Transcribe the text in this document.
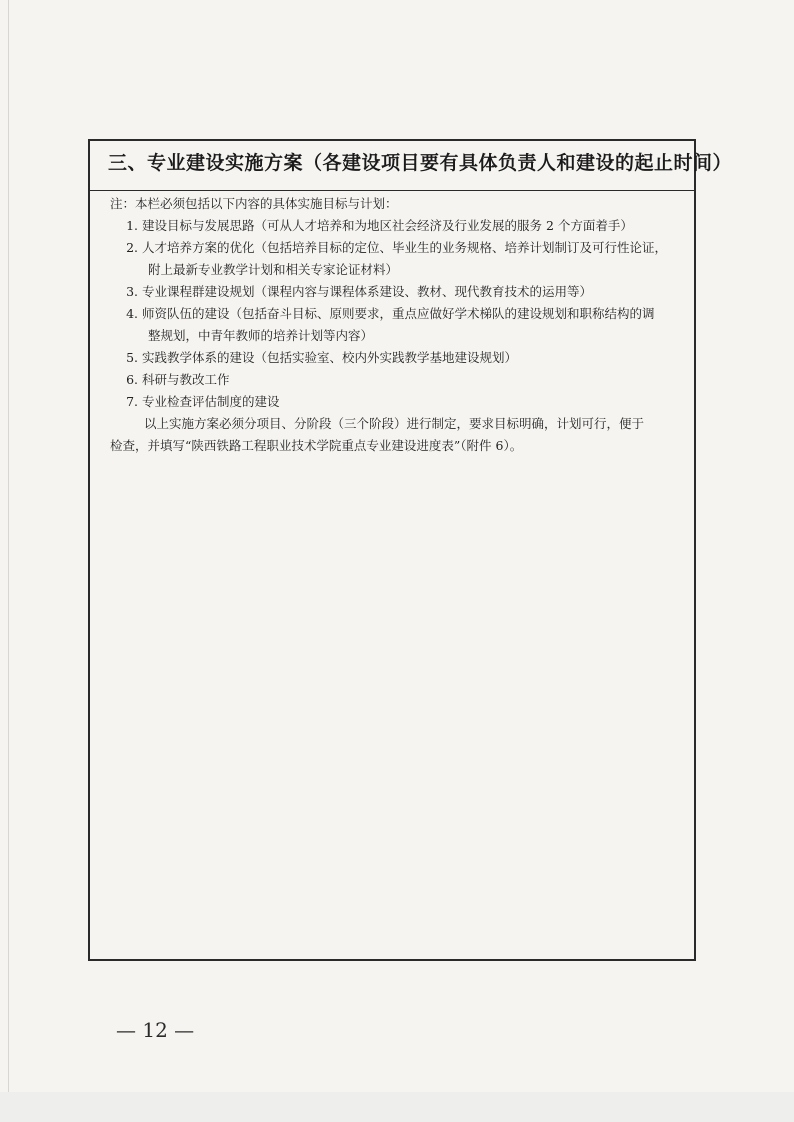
三、专业建设实施方案（各建设项目要有具体负责人和建设的起止时间）
注：本栏必须包括以下内容的具体实施目标与计划：
1. 建设目标与发展思路（可从人才培养和为地区社会经济及行业发展的服务 2 个方面着手）
2. 人才培养方案的优化（包括培养目标的定位、毕业生的业务规格、培养计划制订及可行性论证，
附上最新专业教学计划和相关专家论证材料）
3. 专业课程群建设规划（课程内容与课程体系建设、教材、现代教育技术的运用等）
4. 师资队伍的建设（包括奋斗目标、原则要求，重点应做好学术梯队的建设规划和职称结构的调
整规划，中青年教师的培养计划等内容）
5. 实践教学体系的建设（包括实验室、校内外实践教学基地建设规划）
6. 科研与教改工作
7. 专业检查评估制度的建设
以上实施方案必须分项目、分阶段（三个阶段）进行制定，要求目标明确，计划可行，便于
检查，并填写“陕西铁路工程职业技术学院重点专业建设进度表”（附件 6）。
— 12 —
